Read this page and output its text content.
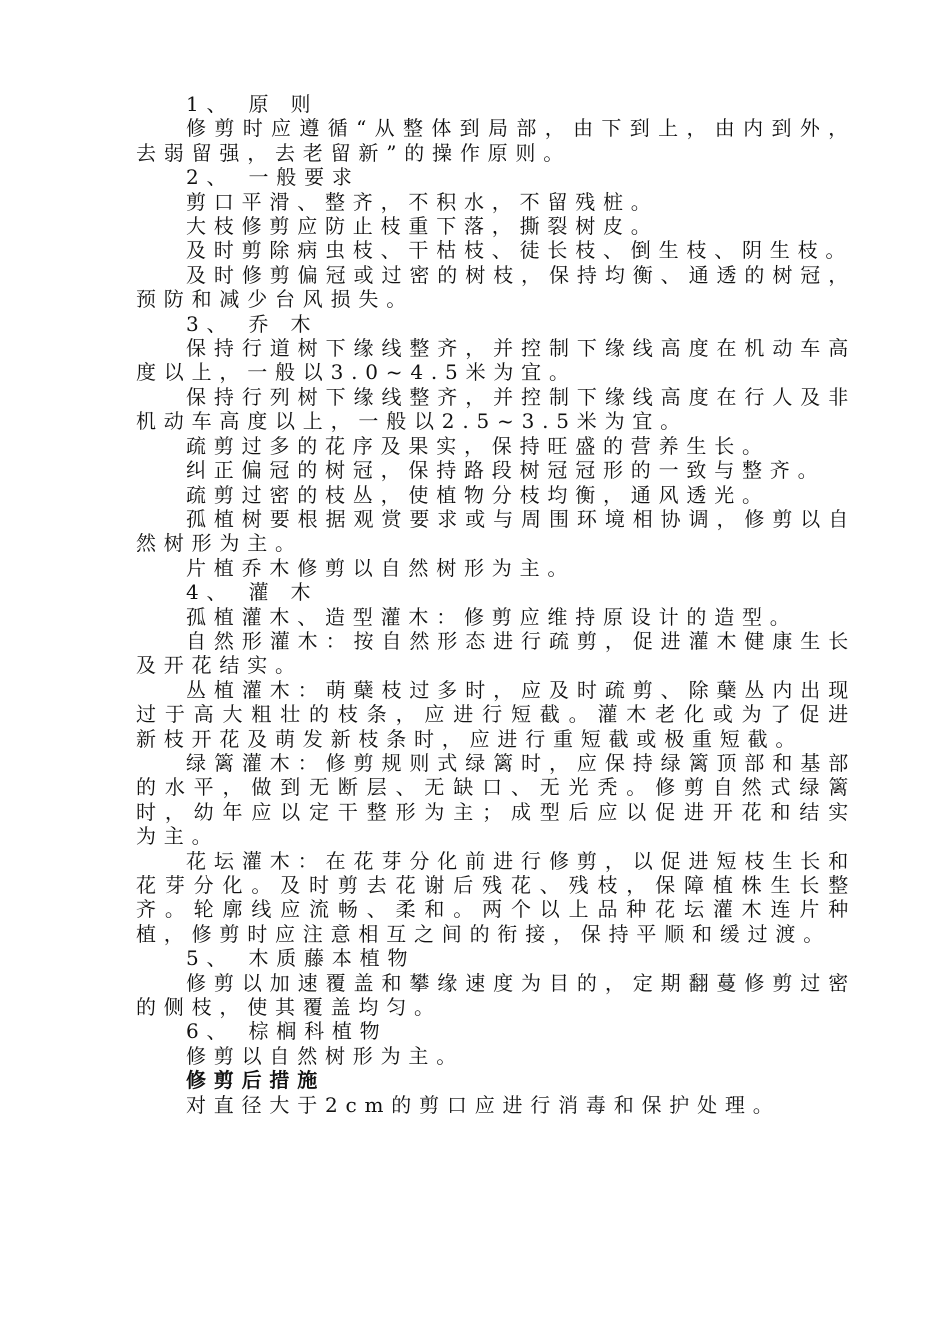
1、 原 则

修剪时应遵循“从整体到局部，由下到上，由内到外，去弱留强，去老留新”的操作原则。

2、 一般要求

剪口平滑、整齐，不积水，不留残桩。

大枝修剪应防止枝重下落，撕裂树皮。

及时剪除病虫枝、干枯枝、徒长枝、倒生枝、阴生枝。

及时修剪偏冠或过密的树枝，保持均衡、通透的树冠，预防和减少台风损失。

3、 乔 木

保持行道树下缘线整齐，并控制下缘线高度在机动车高度以上，一般以3.0~4.5米为宜。

保持行列树下缘线整齐，并控制下缘线高度在行人及非机动车高度以上，一般以2.5~3.5米为宜。

疏剪过多的花序及果实，保持旺盛的营养生长。

纠正偏冠的树冠，保持路段树冠冠形的一致与整齐。

疏剪过密的枝丛，使植物分枝均衡，通风透光。

孤植树要根据观赏要求或与周围环境相协调，修剪以自然树形为主。

片植乔木修剪以自然树形为主。

4、 灌 木

孤植灌木、造型灌木：修剪应维持原设计的造型。

自然形灌木：按自然形态进行疏剪，促进灌木健康生长及开花结实。

丛植灌木：萌蘖枝过多时，应及时疏剪、除蘖丛内出现过于高大粗壮的枝条，应进行短截。灌木老化或为了促进新枝开花及萌发新枝条时，应进行重短截或极重短截。

绿篱灌木：修剪规则式绿篱时，应保持绿篱顶部和基部的水平，做到无断层、无缺口、无光秃。修剪自然式绿篱时，幼年应以定干整形为主；成型后应以促进开花和结实为主。

花坛灌木：在花芽分化前进行修剪，以促进短枝生长和花芽分化。及时剪去花谢后残花、残枝，保障植株生长整齐。轮廓线应流畅、柔和。两个以上品种花坛灌木连片种植，修剪时应注意相互之间的衔接，保持平顺和缓过渡。

5、 木质藤本植物

修剪以加速覆盖和攀缘速度为目的，定期翻蔓修剪过密的侧枝，使其覆盖均匀。

6、 棕榈科植物

修剪以自然树形为主。

修剪后措施

对直径大于2cm的剪口应进行消毒和保护处理。
